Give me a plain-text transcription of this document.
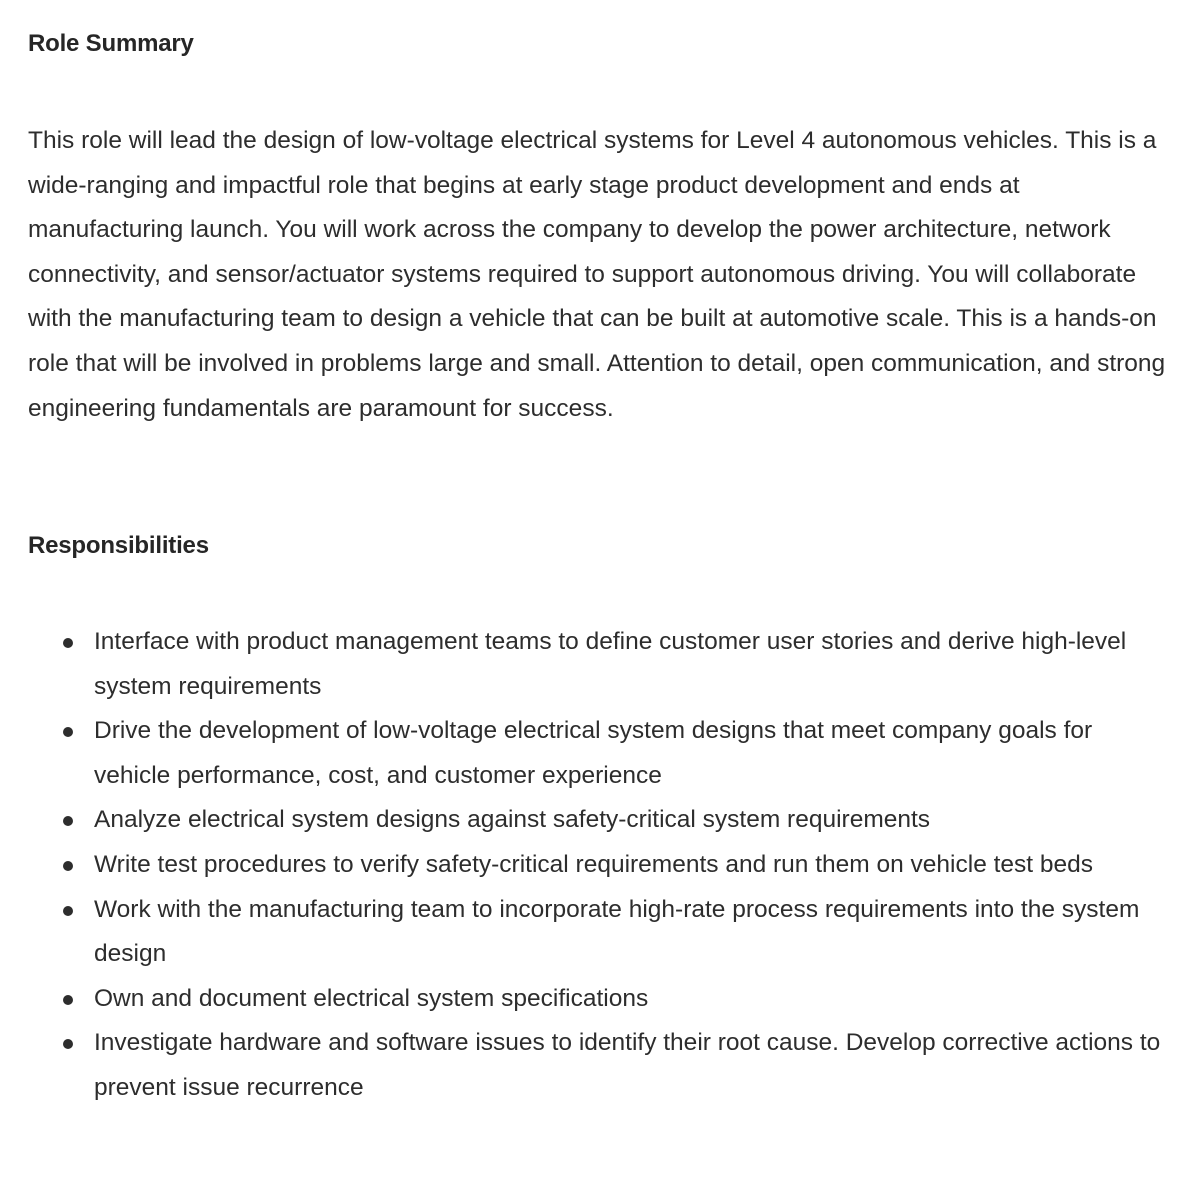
Role Summary

This role will lead the design of low-voltage electrical systems for Level 4 autonomous vehicles. This is a wide-ranging and impactful role that begins at early stage product development and ends at manufacturing launch. You will work across the company to develop the power architecture, network connectivity, and sensor/actuator systems required to support autonomous driving. You will collaborate with the manufacturing team to design a vehicle that can be built at automotive scale. This is a hands-on role that will be involved in problems large and small. Attention to detail, open communication, and strong engineering fundamentals are paramount for success.

Responsibilities
Interface with product management teams to define customer user stories and derive high-level system requirements
Drive the development of low-voltage electrical system designs that meet company goals for vehicle performance, cost, and customer experience
Analyze electrical system designs against safety-critical system requirements
Write test procedures to verify safety-critical requirements and run them on vehicle test beds
Work with the manufacturing team to incorporate high-rate process requirements into the system design
Own and document electrical system specifications
Investigate hardware and software issues to identify their root cause. Develop corrective actions to prevent issue recurrence
